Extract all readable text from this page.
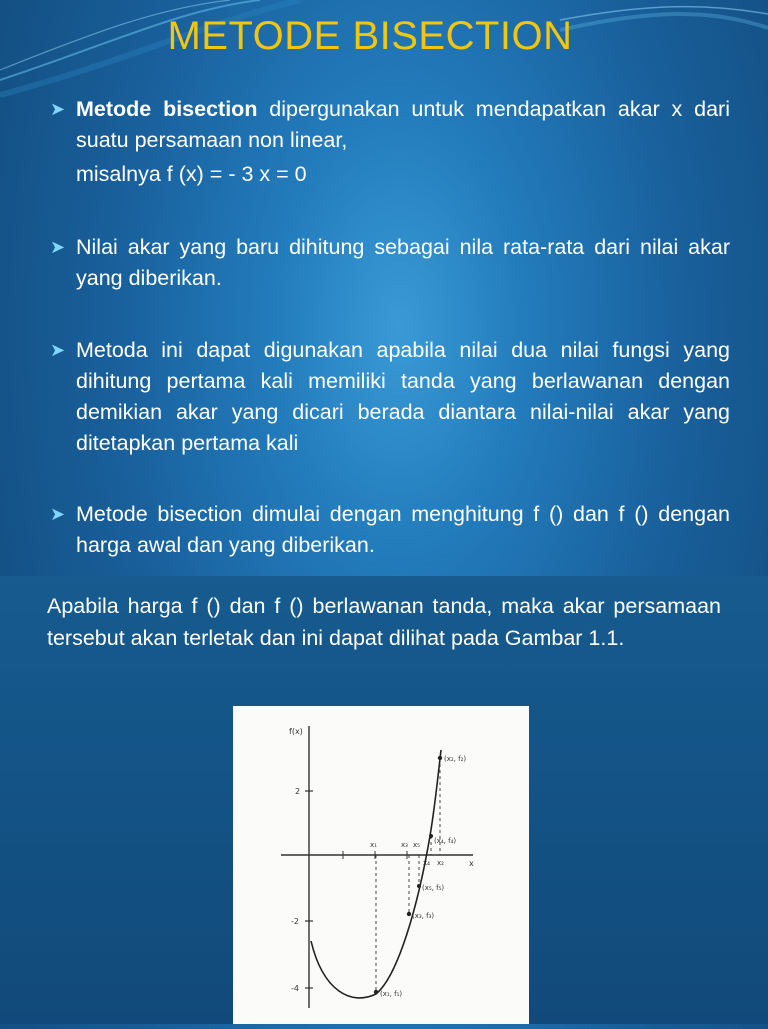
METODE BISECTION
➤ Metode bisection dipergunakan untuk mendapatkan akar x dari suatu persamaan non linear,
misalnya f (x) = - 3 x = 0
➤ Nilai akar yang baru dihitung sebagai nila rata-rata dari nilai akar yang diberikan.
➤ Metoda ini dapat digunakan apabila nilai dua nilai fungsi yang dihitung pertama kali memiliki tanda yang berlawanan dengan demikian akar yang dicari berada diantara nilai-nilai akar yang ditetapkan pertama kali
➤ Metode bisection dimulai dengan menghitung f () dan f () dengan harga awal dan yang diberikan.
Apabila harga f () dan f () berlawanan tanda, maka akar persamaan tersebut akan terletak dan ini dapat dilihat pada Gambar 1.1.
f(x)
x
2
-2
-4
x₁	x₃ x₅
x₄ x₂
(x₂, f₂)
(x₄, f₄)
(x₅, f₅)
(x₃, f₃)
(x₁, f₁)
